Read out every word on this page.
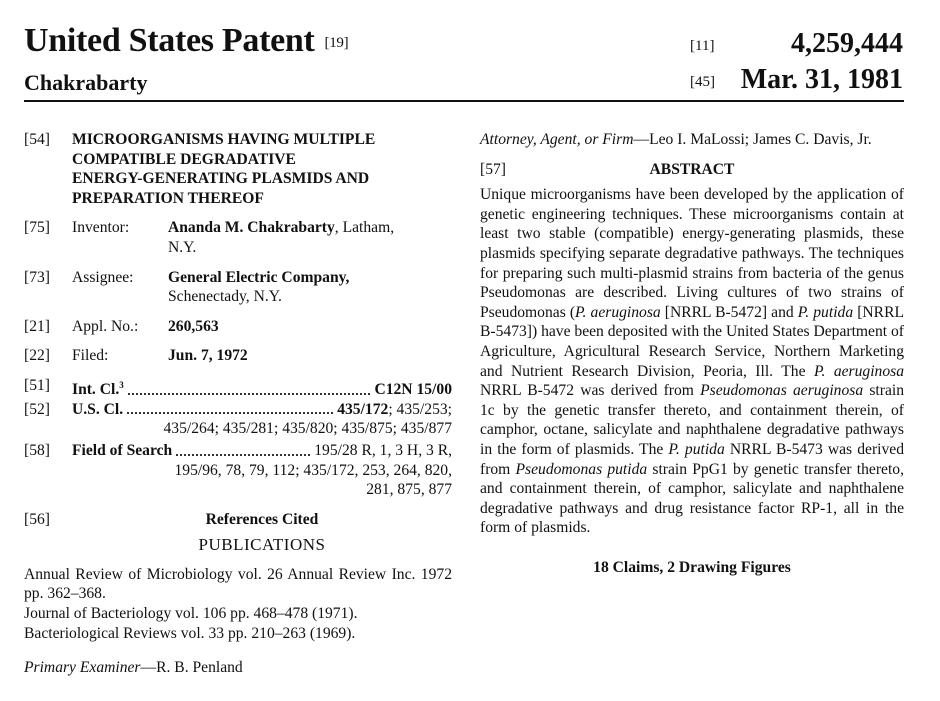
United States Patent [19]
Chakrabarty
[11]	4,259,444
[45] Mar. 31, 1981
[54]	MICROORGANISMS HAVING MULTIPLE
COMPATIBLE DEGRADATIVE
ENERGY-GENERATING PLASMIDS AND
PREPARATION THEREOF
[75]	Inventor:	Ananda M. Chakrabarty, Latham,
N.Y.
[73]	Assignee:	General Electric Company,
Schenectady, N.Y.
[21]	Appl. No.:	260,563
[22]	Filed:	Jun. 7, 1972
[51]	Int. Cl.$^3$	C12N 15/00
[52]	U.S. Cl.	435/172; 435/253;
435/264; 435/281; 435/820; 435/875; 435/877
[58]	Field of Search	195/28 R, 1, 3 H, 3 R,
195/96, 78, 79, 112; 435/172, 253, 264, 820,
281, 875, 877
[56]	References Cited
PUBLICATIONS

Annual Review of Microbiology vol. 26 Annual Review Inc. 1972 pp. 362–368.

Journal of Bacteriology vol. 106 pp. 468–478 (1971).

Bacteriological Reviews vol. 33 pp. 210–263 (1969).

Primary Examiner—R. B. Penland
Attorney, Agent, or Firm—Leo I. MaLossi; James C. Davis, Jr.
[57]	ABSTRACT
Unique microorganisms have been developed by the application of genetic engineering techniques. These microorganisms contain at least two stable (compatible) energy-generating plasmids, these plasmids specifying separate degradative pathways. The techniques for preparing such multi-plasmid strains from bacteria of the genus Pseudomonas are described. Living cultures of two strains of Pseudomonas (P. aeruginosa [NRRL B-5472] and P. putida [NRRL B-5473]) have been deposited with the United States Department of Agriculture, Agricultural Research Service, Northern Marketing and Nutrient Research Division, Peoria, Ill. The P. aeruginosa NRRL B-5472 was derived from Pseudomonas aeruginosa strain 1c by the genetic transfer thereto, and containment therein, of camphor, octane, salicylate and naphthalene degradative pathways in the form of plasmids. The P. putida NRRL B-5473 was derived from Pseudomonas putida strain PpG1 by genetic transfer thereto, and containment therein, of camphor, salicylate and naphthalene degradative pathways and drug resistance factor RP-1, all in the form of plasmids.
18 Claims, 2 Drawing Figures
